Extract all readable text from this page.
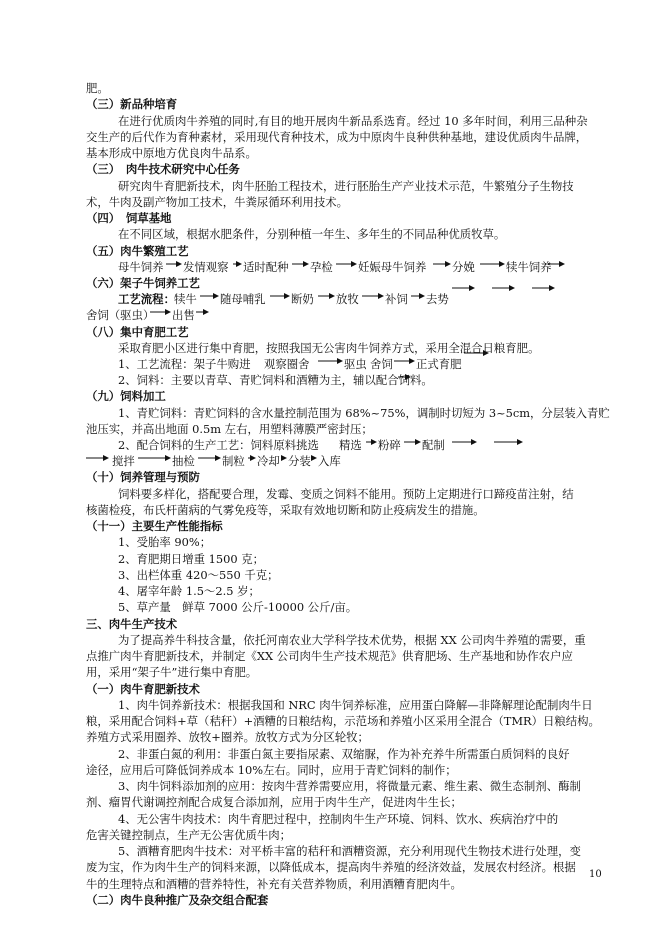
肥。
（三）新品种培育
在进行优质肉牛养殖的同时,有目的地开展肉牛新品系选育。经过 10 多年时间，利用三品种杂
交生产的后代作为育种素材，采用现代育种技术，成为中原肉牛良种供种基地，建设优质肉牛品牌，
基本形成中原地方优良肉牛品系。
（三）　肉牛技术研究中心任务
研究肉牛育肥新技术，肉牛胚胎工程技术，进行胚胎生产产业技术示范，牛繁殖分子生物技
术，牛肉及副产物加工技术，牛粪尿循环利用技术。
（四）　饲草基地
在不同区域，根据水肥条件，分别种植一年生、多年生的不同品种优质牧草。
（五）肉牛繁殖工艺
母牛饲养 发情观察 适时配种 孕检 妊娠母牛饲养 分娩	犊牛饲养
（六）架子牛饲养工艺
工艺流程： 犊牛 随母哺乳 断奶 放牧 补饲 去势
舍饲（驱虫） 出售
（八）集中育肥工艺
采取育肥小区进行集中育肥，按照我国无公害肉牛饲养方式，采用全混合日粮育肥。
1、工艺流程：架子牛购进 观察圈舍	驱虫 舍饲 正式育肥
2、饲料：主要以青草、青贮饲料和酒糟为主，辅以配合饲料。
（九）饲料加工
1、青贮饲料：青贮饲料的含水量控制范围为 68%~75%，调制时切短为 3~5cm，分层装入青贮
池压实，并高出地面 0.5m 左右，用塑料薄膜严密封压；
2、配合饲料的生产工艺：饲料原料挑选 精选 粉碎 配制
搅拌	抽检 制粒 冷却 分装 入库
（十）饲养管理与预防
饲料要多样化，搭配要合理，发霉、变质之饲料不能用。预防上定期进行口蹄疫苗注射，结
核菌检疫，布氏杆菌病的气雾免疫等，采取有效地切断和防止疫病发生的措施。
（十一）主要生产性能指标
1、受胎率 90%；
2、育肥期日增重 1500 克；
3、出栏体重 420～550 千克；
4、屠宰年龄 1.5～2.5 岁；
5、草产量　鲜草 7000 公斤-10000 公斤/亩。
三、肉牛生产技术
为了提高养牛科技含量，依托河南农业大学科学技术优势，根据 XX 公司肉牛养殖的需要，重
点推广肉牛育肥新技术，并制定《XX 公司肉牛生产技术规范》供育肥场、生产基地和协作农户应
用，采用“架子牛”进行集中育肥。
（一）肉牛育肥新技术
1、肉牛饲养新技术：根据我国和 NRC 肉牛饲养标准，应用蛋白降解—非降解理论配制肉牛日
粮，采用配合饲料+草（秸秆）+酒糟的日粮结构，示范场和养殖小区采用全混合（TMR）日粮结构。
养殖方式采用圈养、放牧+圈养。放牧方式为分区轮牧；
2、非蛋白氮的利用：非蛋白氮主要指尿素、双缩脲，作为补充养牛所需蛋白质饲料的良好
途径，应用后可降低饲养成本 10%左右。同时，应用于青贮饲料的制作；
3、肉牛饲料添加剂的应用：按肉牛营养需要应用，将微量元素、维生素、微生态制剂、酶制
剂、瘤胃代谢调控剂配合成复合添加剂，应用于肉牛生产，促进肉牛生长；
4、无公害牛肉技术：肉牛育肥过程中，控制肉牛生产环境、饲料、饮水、疾病治疗中的
危害关键控制点，生产无公害优质牛肉；
5、酒糟育肥肉牛技术：对平桥丰富的秸秆和酒糟资源，充分利用现代生物技术进行处理，变
废为宝，作为肉牛生产的饲料来源，以降低成本，提高肉牛养殖的经济效益，发展农村经济。根据
牛的生理特点和酒糟的营养特性，补充有关营养物质，利用酒糟育肥肉牛。
（二）肉牛良种推广及杂交组合配套
10
